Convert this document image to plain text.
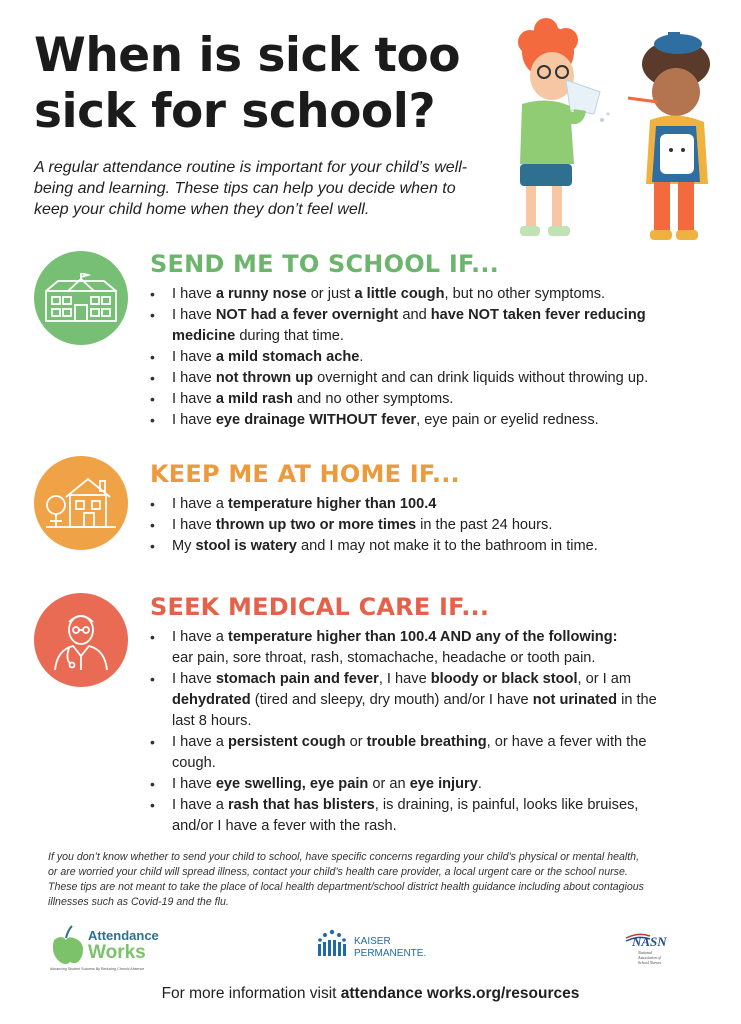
When is sick too
sick for school?
A regular attendance routine is important for your child’s well-
being and learning. These tips can help you decide when to
keep your child home when they don’t feel well.
SEND ME TO SCHOOL IF...
• I have a runny nose or just a little cough, but no other symptoms.
• I have NOT had a fever overnight and have NOT taken fever reducing
medicine during that time.
• I have a mild stomach ache.
• I have not thrown up overnight and can drink liquids without throwing up.
• I have a mild rash and no other symptoms.
• I have eye drainage WITHOUT fever, eye pain or eyelid redness.
KEEP ME AT HOME IF...
• I have a temperature higher than 100.4
• I have thrown up two or more times in the past 24 hours.
• My stool is watery and I may not make it to the bathroom in time.
SEEK MEDICAL CARE IF...
• I have a temperature higher than 100.4 AND any of the following:
ear pain, sore throat, rash, stomachache, headache or tooth pain.
• I have stomach pain and fever, I have bloody or black stool, or I am
dehydrated (tired and sleepy, dry mouth) and/or I have not urinated in the
last 8 hours.
• I have a persistent cough or trouble breathing, or have a fever with the
cough.
• I have eye swelling, eye pain or an eye injury.
• I have a rash that has blisters, is draining, is painful, looks like bruises,
and/or I have a fever with the rash.
If you don’t know whether to send your child to school, have specific concerns regarding your child’s physical or mental health,
or are worried your child will spread illness, contact your child’s health care provider, a local urgent care or the school nurse.
These tips are not meant to take the place of local health department/school district health guidance including about contagious
illnesses such as Covid-19 and the flu.
Attendance
Works
Advancing Student Success By Reducing Chronic Absence
KAISER
PERMANENTE.
NASN
National
Association of
School Nurses
For more information visit attendance works.org/resources
